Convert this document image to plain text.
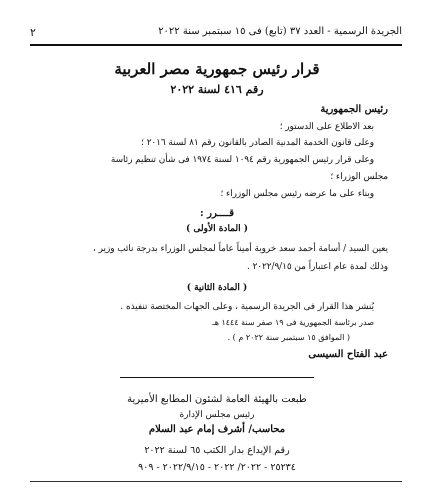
٢	الجريدة الرسمية - العدد ٣٧ (تابع) فى ١٥ سبتمبر سنة ٢٠٢٢
قرار رئيس جمهورية مصر العربية
رقم ٤١٦ لسنة ٢٠٢٢
رئيس الجمهورية
بعد الاطلاع على الدستور ؛
وعلى قانون الخدمة المدنية الصادر بالقانون رقم ٨١ لسنة ٢٠١٦ ؛
وعلى قرار رئيس الجمهورية رقم ١٠٩٤ لسنة ١٩٧٤ فى شأن تنظيم رئاسة
مجلس الوزراء ؛
وبناء على ما عرضه رئيس مجلس الوزراء ؛
قــــرر :
( المادة الأولى )
يعين السيد / أسامة أحمد سعد خروبة أميناً عاماً لمجلس الوزراء بدرجة نائب وزير ،
وذلك لمدة عام اعتباراً من ٢٠٢٢/٩/١٥ .
( المادة الثانية )
يُنشر هذا القرار فى الجريدة الرسمية ، وعلى الجهات المختصة تنفيذه .
صدر برئاسة الجمهورية فى ١٩ صفر سنة ١٤٤٤ هـ
( الموافق ١٥ سبتمبر سنة ٢٠٢٢ م ) .
عبد الفتاح السيسى
طبعت بالهيئة العامة لشئون المطابع الأميرية
رئيس مجلس الإدارة
محاسب/ أشرف إمام عبد السلام
رقم الإيداع بدار الكتب ٦٥ لسنة ٢٠٢٢
٢٥٢٣٤ - ٢٠٢٢/ ٢٠٢٢ - ٢٠٢٢/٩/١٥ - ٩٠٩
